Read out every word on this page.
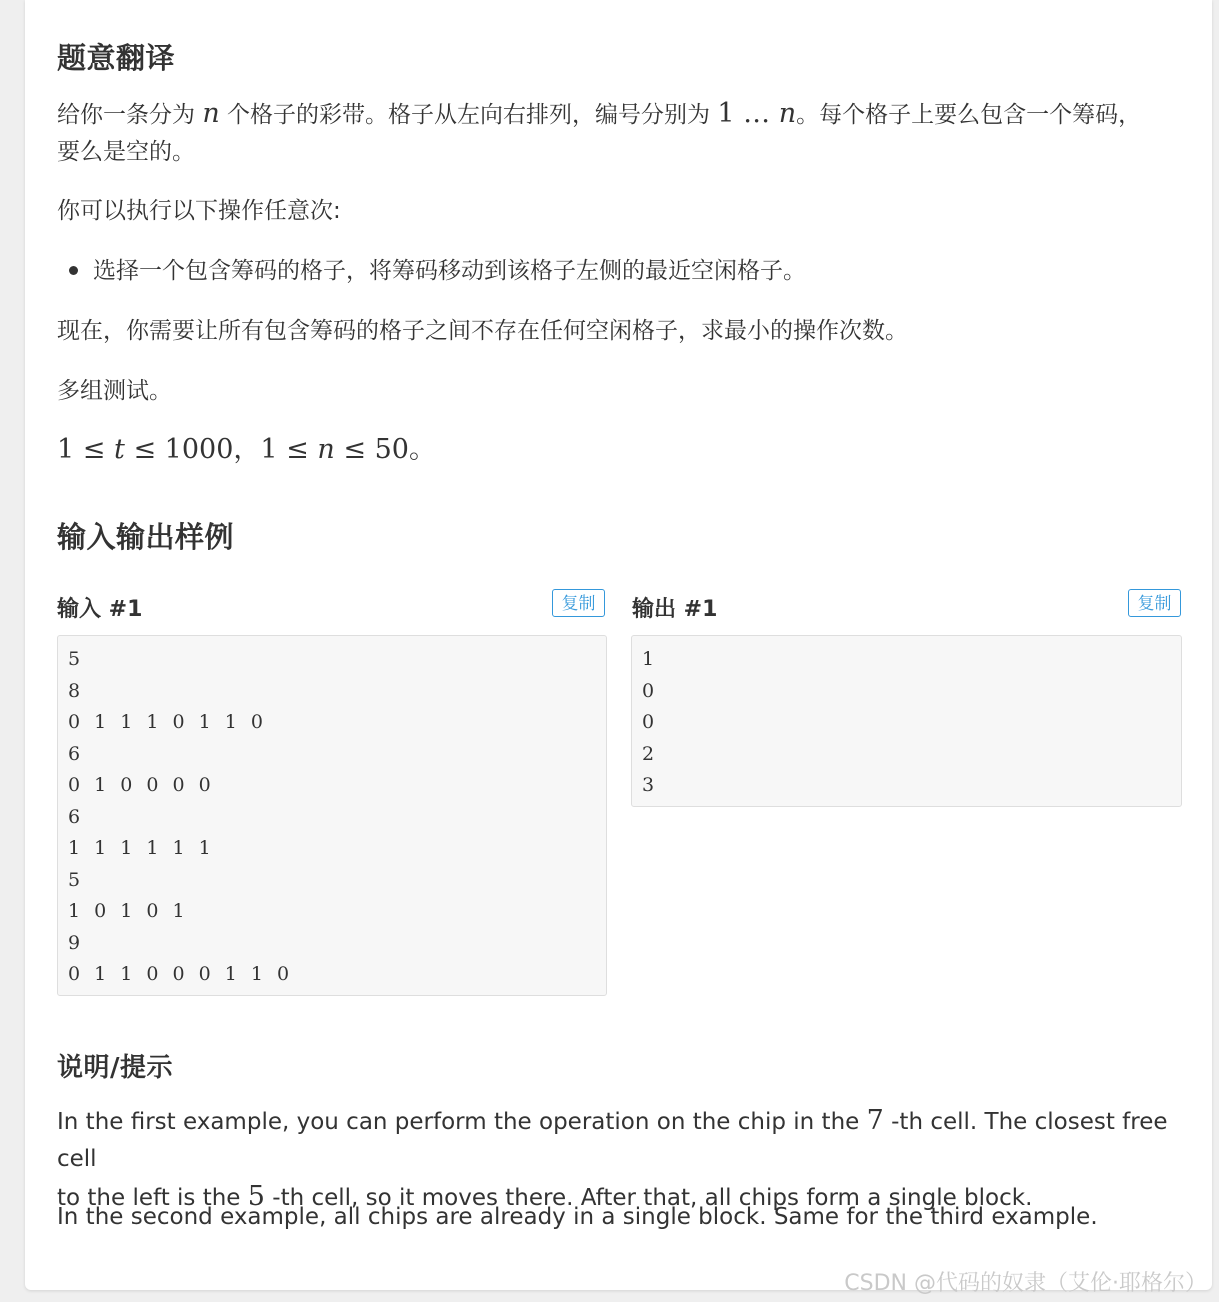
题意翻译

给你一条分为 n 个格子的彩带。格子从左向右排列，编号分别为 1 … n。每个格子上要么包含一个筹码，
要么是空的。

你可以执行以下操作任意次:

选择一个包含筹码的格子，将筹码移动到该格子左侧的最近空闲格子。

现在，你需要让所有包含筹码的格子之间不存在任何空闲格子，求最小的操作次数。

多组测试。

1 ≤ t ≤ 1000，1 ≤ n ≤ 50。

输入输出样例
输入 #1	复制
5
8
0 1 1 1 0 1 1 0
6
0 1 0 0 0 0
6
1 1 1 1 1 1
5
1 0 1 0 1
9
0 1 1 0 0 0 1 1 0
输出 #1	复制
1
0
0
2
3
说明/提示

In the first example, you can perform the operation on the chip in the 7 -th cell. The closest free cell
to the left is the 5 -th cell, so it moves there. After that, all chips form a single block.

In the second example, all chips are already in a single block. Same for the third example.

CSDN @代码的奴隶（艾伦·耶格尔）
